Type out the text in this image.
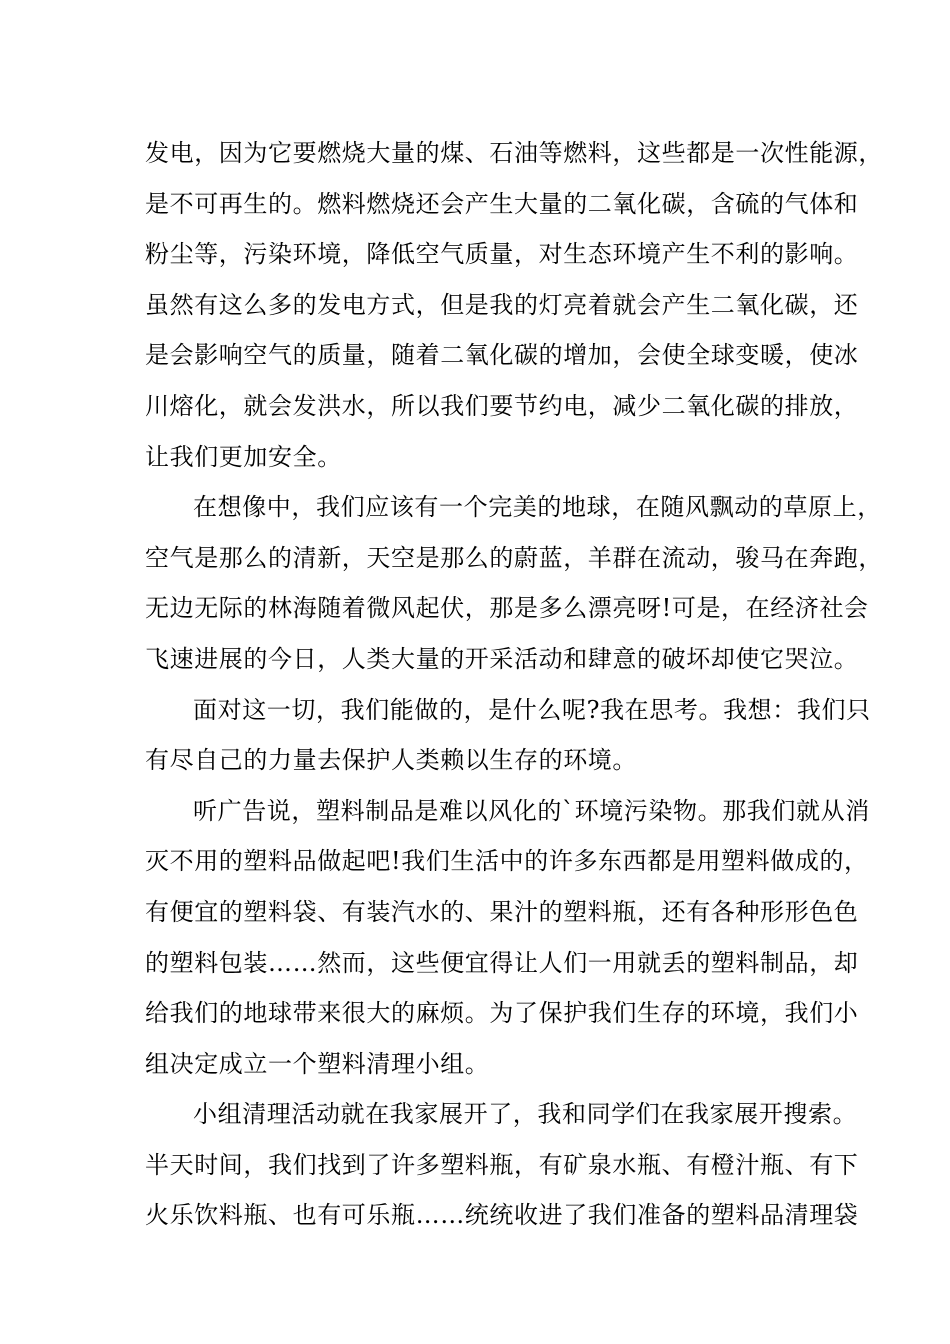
发电，因为它要燃烧大量的煤、石油等燃料，这些都是一次性能源，
是不可再生的。燃料燃烧还会产生大量的二氧化碳，含硫的气体和
粉尘等，污染环境，降低空气质量，对生态环境产生不利的影响。
虽然有这么多的发电方式，但是我的灯亮着就会产生二氧化碳，还
是会影响空气的质量，随着二氧化碳的增加，会使全球变暖，使冰
川熔化，就会发洪水，所以我们要节约电，减少二氧化碳的排放，
让我们更加安全。
在想像中，我们应该有一个完美的地球，在随风飘动的草原上，
空气是那么的清新，天空是那么的蔚蓝，羊群在流动，骏马在奔跑，
无边无际的林海随着微风起伏，那是多么漂亮呀!可是，在经济社会
飞速进展的今日，人类大量的开采活动和肆意的破坏却使它哭泣。
面对这一切，我们能做的，是什么呢?我在思考。我想：我们只
有尽自己的力量去保护人类赖以生存的环境。
听广告说，塑料制品是难以风化的`环境污染物。那我们就从消
灭不用的塑料品做起吧!我们生活中的许多东西都是用塑料做成的，
有便宜的塑料袋、有装汽水的、果汁的塑料瓶，还有各种形形色色
的塑料包装……然而，这些便宜得让人们一用就丢的塑料制品，却
给我们的地球带来很大的麻烦。为了保护我们生存的环境，我们小
组决定成立一个塑料清理小组。
小组清理活动就在我家展开了，我和同学们在我家展开搜索。
半天时间，我们找到了许多塑料瓶，有矿泉水瓶、有橙汁瓶、有下
火乐饮料瓶、也有可乐瓶……统统收进了我们准备的塑料品清理袋
